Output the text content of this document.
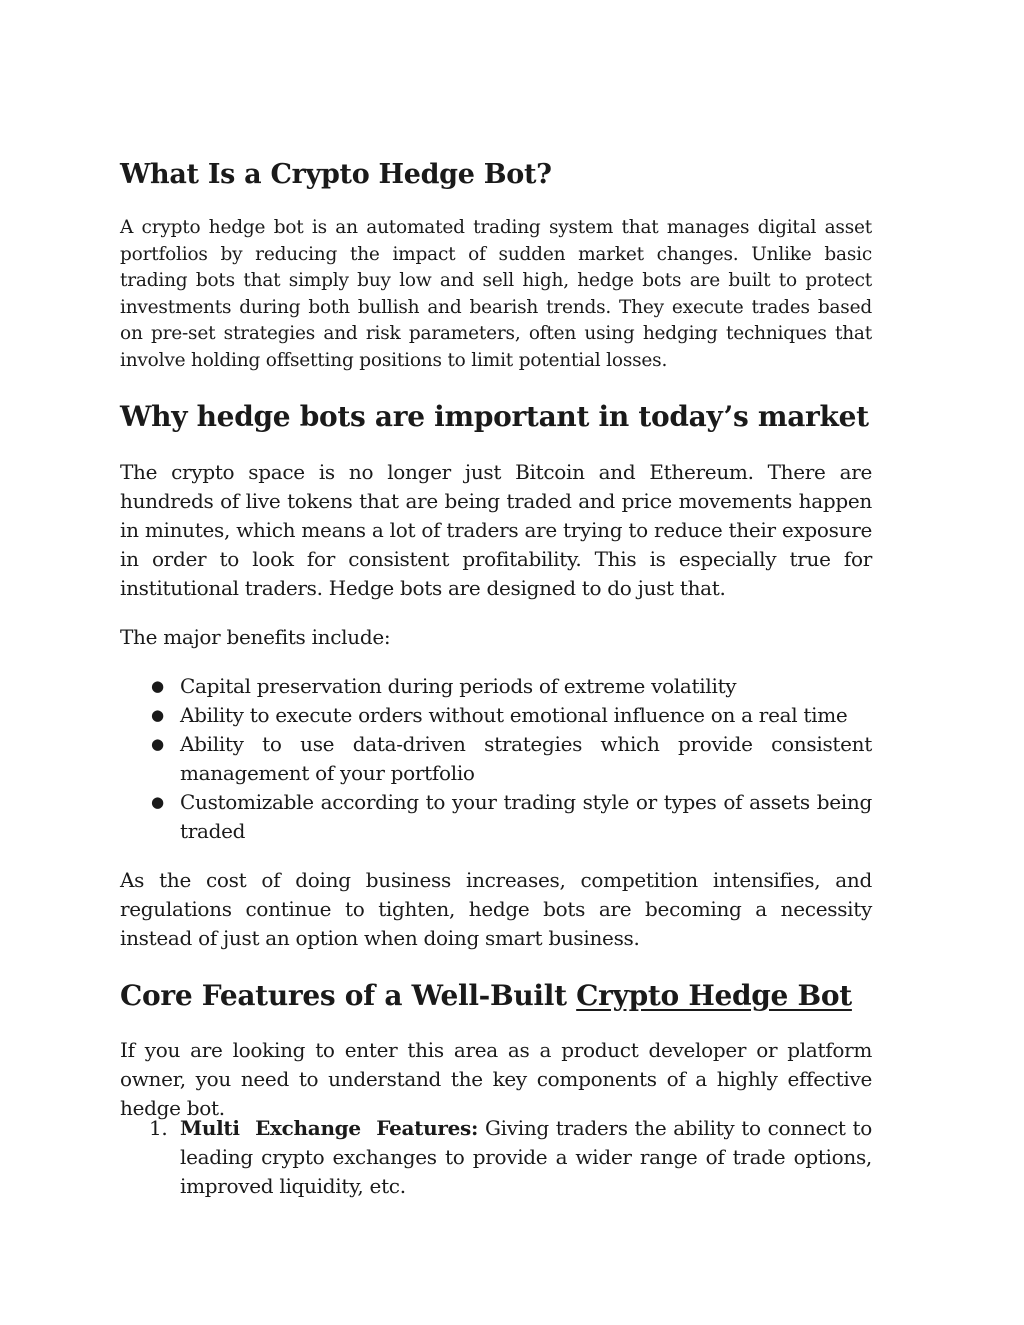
What Is a Crypto Hedge Bot?

A crypto hedge bot is an automated trading system that manages digital asset portfolios by reducing the impact of sudden market changes. Unlike basic trading bots that simply buy low and sell high, hedge bots are built to protect investments during both bullish and bearish trends. They execute trades based on pre-set strategies and risk parameters, often using hedging techniques that involve holding offsetting positions to limit potential losses.

Why hedge bots are important in today’s market

The crypto space is no longer just Bitcoin and Ethereum. There are hundreds of live tokens that are being traded and price movements happen in minutes, which means a lot of traders are trying to reduce their exposure in order to look for consistent profitability. This is especially true for institutional traders. Hedge bots are designed to do just that.

The major benefits include:

● Capital preservation during periods of extreme volatility
● Ability to execute orders without emotional influence on a real time
● Ability to use data-driven strategies which provide consistent management of your portfolio
● Customizable according to your trading style or types of assets being traded

As the cost of doing business increases, competition intensifies, and regulations continue to tighten, hedge bots are becoming a necessity instead of just an option when doing smart business.

Core Features of a Well-Built Crypto Hedge Bot

If you are looking to enter this area as a product developer or platform owner, you need to understand the key components of a highly effective hedge bot.

1. Multi Exchange Features: Giving traders the ability to connect to leading crypto exchanges to provide a wider range of trade options, improved liquidity, etc.
